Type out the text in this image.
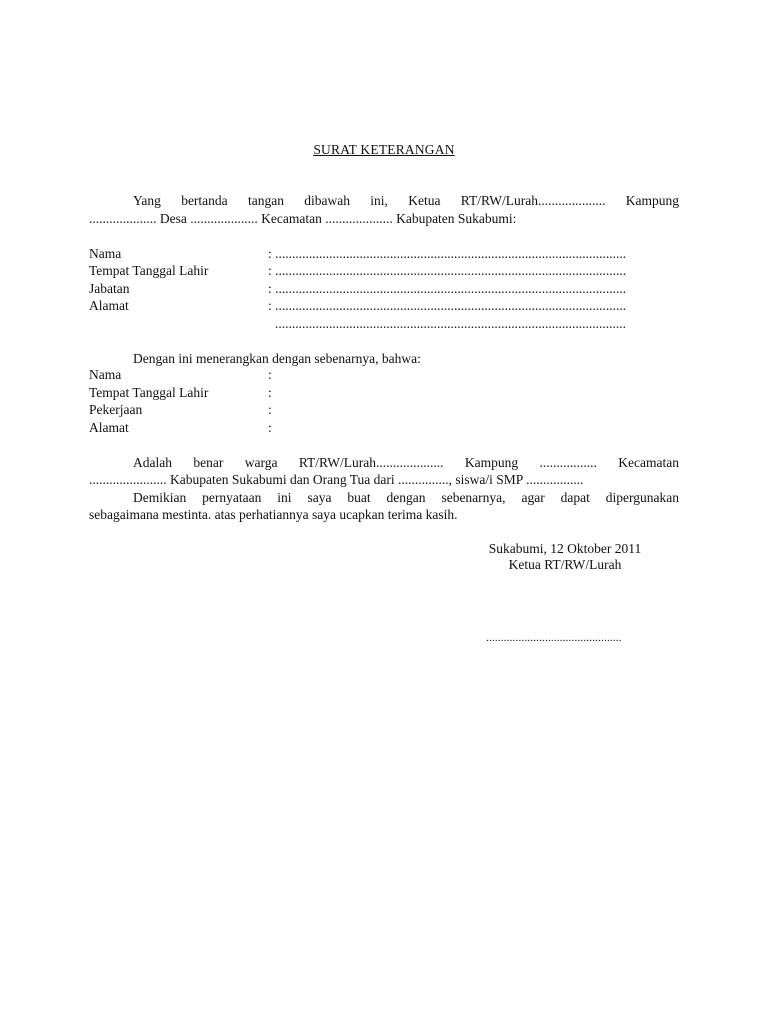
SURAT KETERANGAN

Yang bertanda tangan dibawah ini, Ketua RT/RW/Lurah.................... Kampung

.................... Desa .................... Kecamatan .................... Kabupaten Sukabumi:

Nama	: ........................................................................................................
Tempat Tanggal Lahir	: ........................................................................................................
Jabatan	: ........................................................................................................
Alamat	: ........................................................................................................
........................................................................................................

Dengan ini menerangkan dengan sebenarnya, bahwa:

Nama	:
Tempat Tanggal Lahir	:
Pekerjaan	:
Alamat	:

Adalah benar warga RT/RW/Lurah.................... Kampung ................. Kecamatan

....................... Kabupaten Sukabumi dan Orang Tua dari ..............., siswa/i SMP .................

Demikian pernyataan ini saya buat dengan sebenarnya, agar dapat dipergunakan

sebagaimana mestinta. atas perhatiannya saya ucapkan terima kasih.

Sukabumi, 12 Oktober 2011
Ketua RT/RW/Lurah
..............................................
